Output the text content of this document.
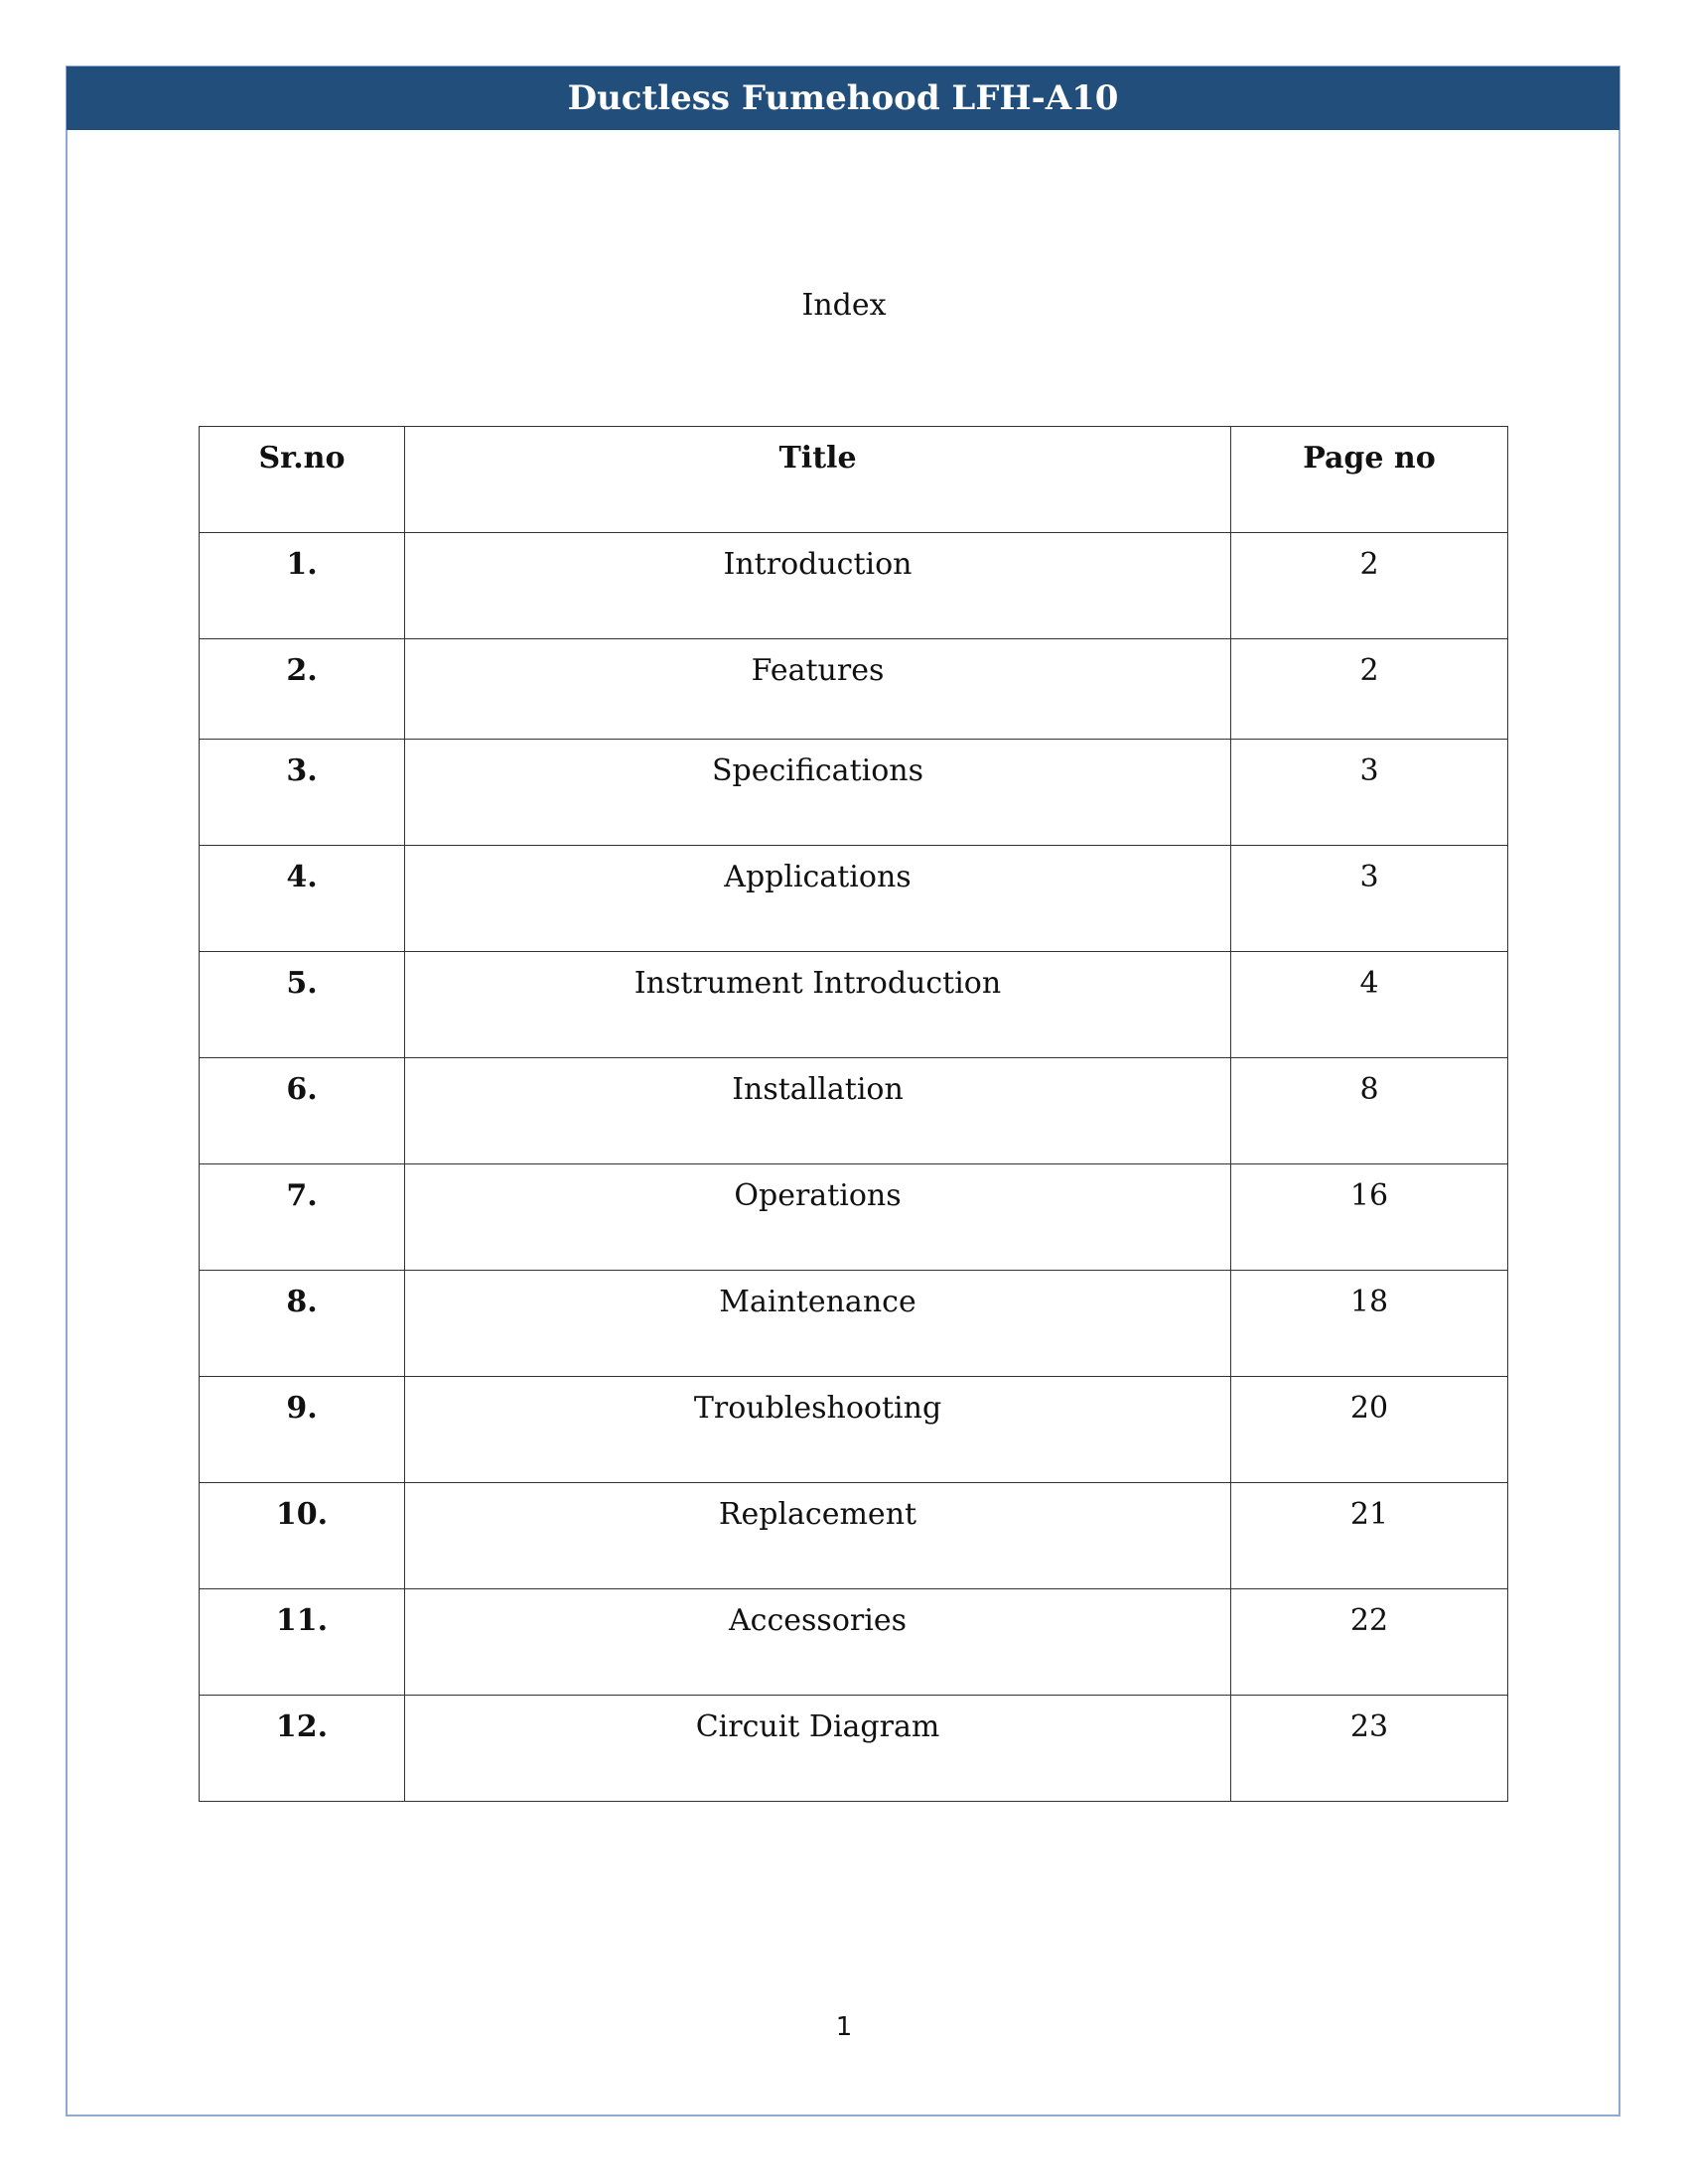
Ductless Fumehood LFH-A10
Index
Sr.no	Title	Page no
1.	Introduction	2
2.	Features	2
3.	Specifications	3
4.	Applications	3
5.	Instrument Introduction	4
6.	Installation	8
7.	Operations	16
8.	Maintenance	18
9.	Troubleshooting	20
10.	Replacement	21
11.	Accessories	22
12.	Circuit Diagram	23
1
